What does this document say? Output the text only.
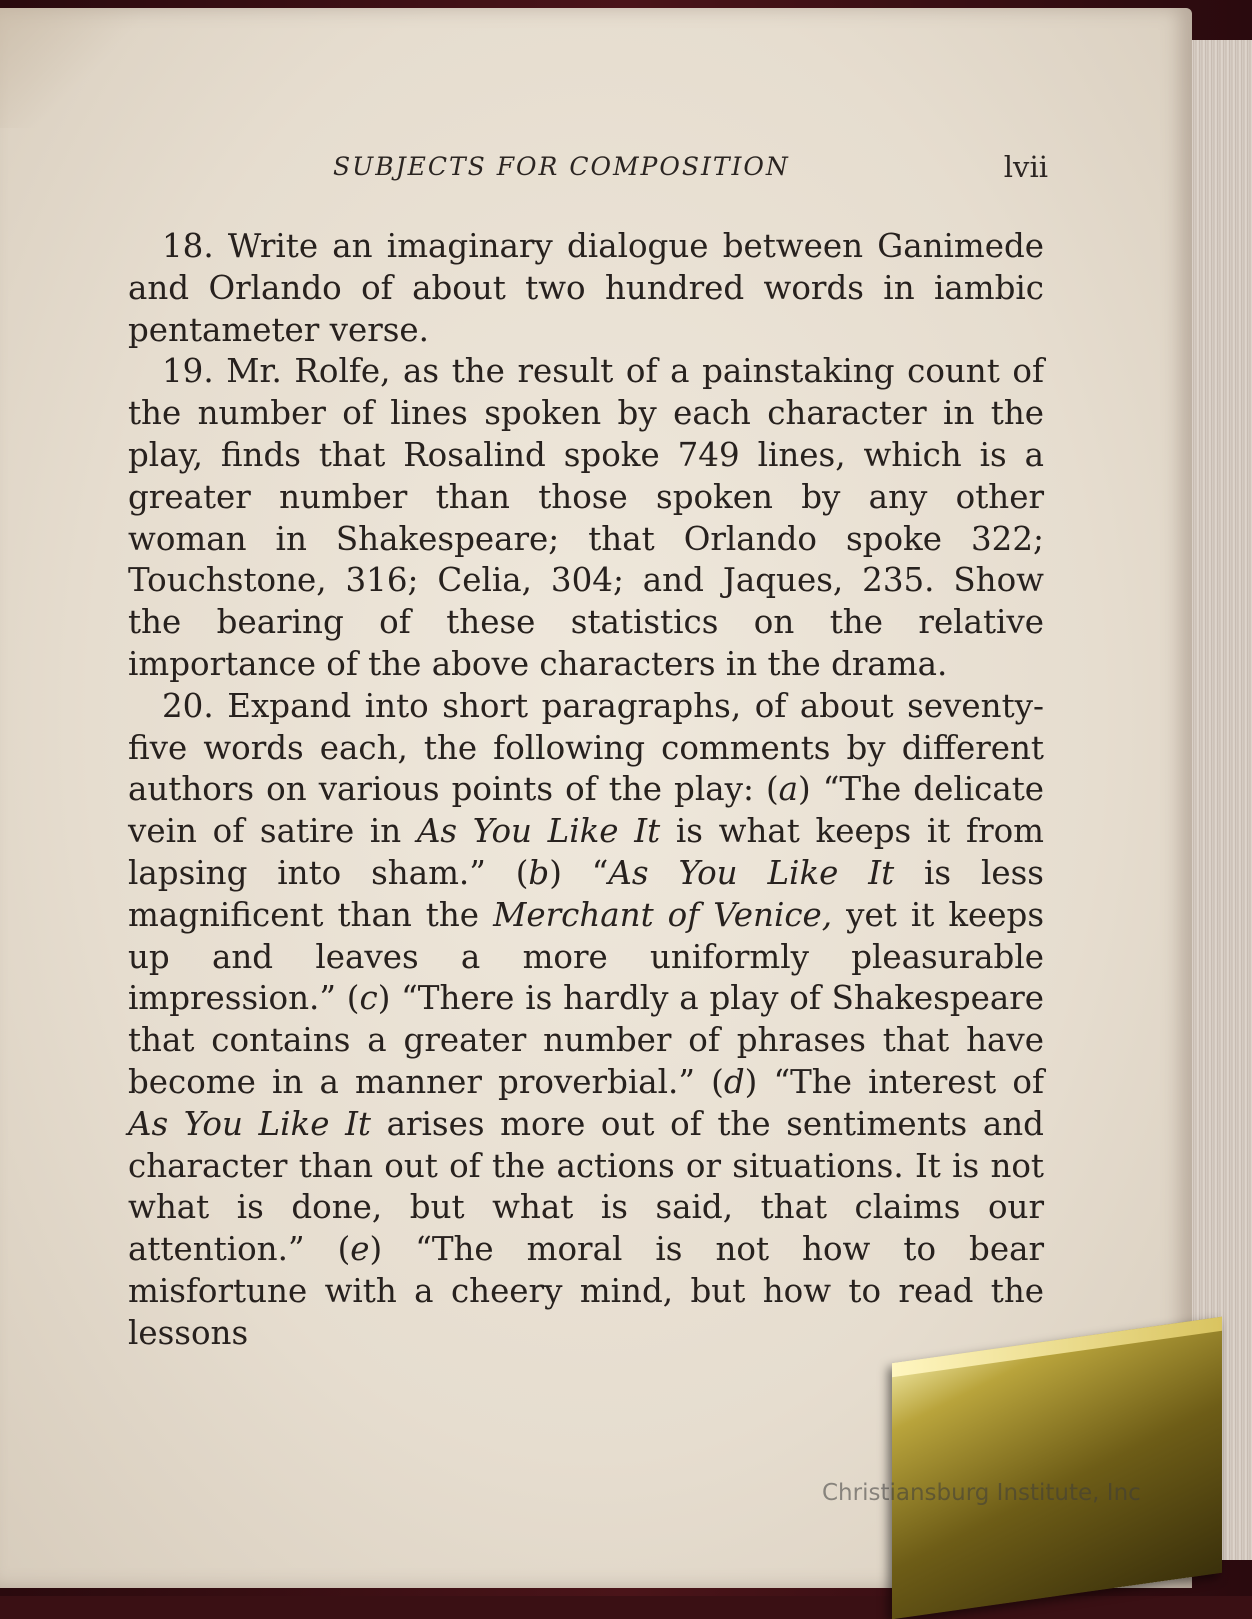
SUBJECTS FOR COMPOSITION	lvii

18. Write an imaginary dialogue between Ganimede and Orlando of about two hundred words in iambic pentameter verse.

19. Mr. Rolfe, as the result of a painstaking count of the number of lines spoken by each character in the play, finds that Rosalind spoke 749 lines, which is a greater number than those spoken by any other woman in Shakespeare; that Orlando spoke 322; Touchstone, 316; Celia, 304; and Jaques, 235. Show the bearing of these statistics on the relative importance of the above characters in the drama.

20. Expand into short paragraphs, of about seventy-five words each, the following comments by different authors on various points of the play: (a) “The delicate vein of satire in As You Like It is what keeps it from lapsing into sham.” (b) “As You Like It is less magnificent than the Merchant of Venice, yet it keeps up and leaves a more uniformly pleasurable impression.” (c) “There is hardly a play of Shakespeare that contains a greater number of phrases that have become in a manner proverbial.” (d) “The interest of As You Like It arises more out of the sentiments and character than out of the actions or situations. It is not what is done, but what is said, that claims our attention.” (e) “The moral is not how to bear misfortune with a cheery mind, but how to read the lessons

Christiansburg Institute, Inc
